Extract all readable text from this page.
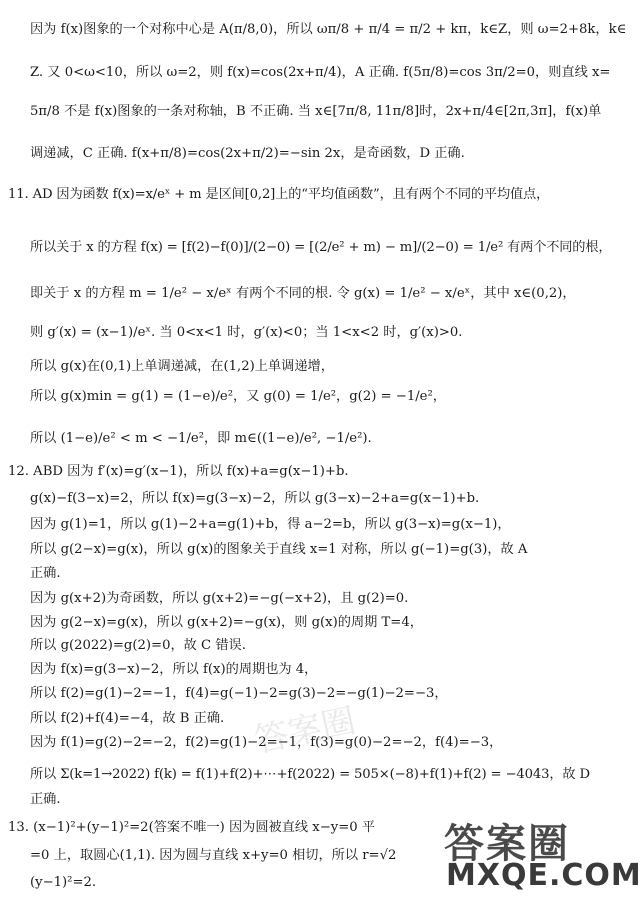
因为 f(x)图象的一个对称中心是 A(π/8,0)，所以 ωπ/8 + π/4 = π/2 + kπ，k∈Z，则 ω=2+8k，k∈
Z. 又 0<ω<10，所以 ω=2，则 f(x)=cos(2x+π/4)，A 正确. f(5π/8)=cos 3π/2=0，则直线 x=
5π/8 不是 f(x)图象的一条对称轴，B 不正确. 当 x∈[7π/8, 11π/8]时，2x+π/4∈[2π,3π]，f(x)单
调递减，C 正确. f(x+π/8)=cos(2x+π/2)=−sin 2x，是奇函数，D 正确.
11. AD 因为函数 f(x)=x/eˣ + m 是区间[0,2]上的“平均值函数”，且有两个不同的平均值点，
所以关于 x 的方程 f(x) = [f(2)−f(0)]/(2−0) = [(2/e² + m) − m]/(2−0) = 1/e² 有两个不同的根，
即关于 x 的方程 m = 1/e² − x/eˣ 有两个不同的根. 令 g(x) = 1/e² − x/eˣ，其中 x∈(0,2)，
则 g′(x) = (x−1)/eˣ. 当 0<x<1 时，g′(x)<0；当 1<x<2 时，g′(x)>0.
所以 g(x)在(0,1)上单调递减，在(1,2)上单调递增，
所以 g(x)min = g(1) = (1−e)/e²，又 g(0) = 1/e²，g(2) = −1/e²，
所以 (1−e)/e² < m < −1/e²，即 m∈((1−e)/e², −1/e²).
12. ABD 因为 f′(x)=g′(x−1)，所以 f(x)+a=g(x−1)+b.
g(x)−f(3−x)=2，所以 f(x)=g(3−x)−2，所以 g(3−x)−2+a=g(x−1)+b.
因为 g(1)=1，所以 g(1)−2+a=g(1)+b，得 a−2=b，所以 g(3−x)=g(x−1)，
所以 g(2−x)=g(x)，所以 g(x)的图象关于直线 x=1 对称，所以 g(−1)=g(3)，故 A
正确.
因为 g(x+2)为奇函数，所以 g(x+2)=−g(−x+2)，且 g(2)=0.
因为 g(2−x)=g(x)，所以 g(x+2)=−g(x)，则 g(x)的周期 T=4，
所以 g(2022)=g(2)=0，故 C 错误.
因为 f(x)=g(3−x)−2，所以 f(x)的周期也为 4，
所以 f(2)=g(1)−2=−1，f(4)=g(−1)−2=g(3)−2=−g(1)−2=−3，
所以 f(2)+f(4)=−4，故 B 正确.
因为 f(1)=g(2)−2=−2，f(2)=g(1)−2=−1，f(3)=g(0)−2=−2，f(4)=−3，
所以 Σ(k=1→2022) f(k) = f(1)+f(2)+⋯+f(2022) = 505×(−8)+f(1)+f(2) = −4043，故 D
正确.
13. (x−1)²+(y−1)²=2(答案不唯一) 因为圆被直线 x−y=0 平
=0 上，取圆心(1,1). 因为圆与直线 x+y=0 相切，所以 r=√2
(y−1)²=2.
答案圈
答案圈
MXQE.COM
